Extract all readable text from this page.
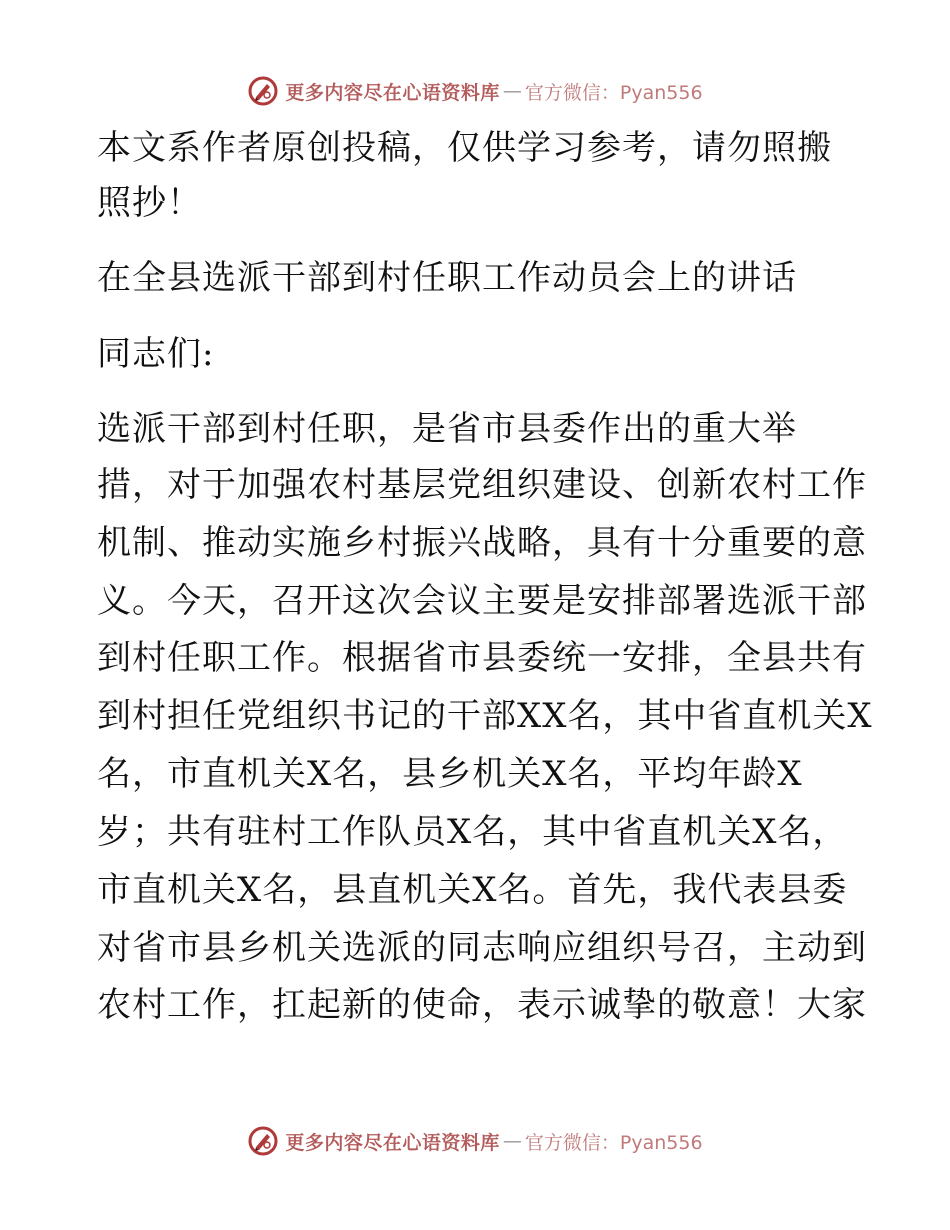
更多内容尽在心语资料库 — 官方微信：Pyan556
本文系作者原创投稿，仅供学习参考，请勿照搬
照抄！
在全县选派干部到村任职工作动员会上的讲话
同志们:
选派干部到村任职，是省市县委作出的重大举
措，对于加强农村基层党组织建设、创新农村工作
机制、推动实施乡村振兴战略，具有十分重要的意
义。今天，召开这次会议主要是安排部署选派干部
到村任职工作。根据省市县委统一安排，全县共有
到村担任党组织书记的干部XX名，其中省直机关X
名，市直机关X名，县乡机关X名，平均年龄X
岁；共有驻村工作队员X名，其中省直机关X名，
市直机关X名，县直机关X名。首先，我代表县委
对省市县乡机关选派的同志响应组织号召，主动到
农村工作，扛起新的使命，表示诚挚的敬意！大家
更多内容尽在心语资料库 — 官方微信：Pyan556
